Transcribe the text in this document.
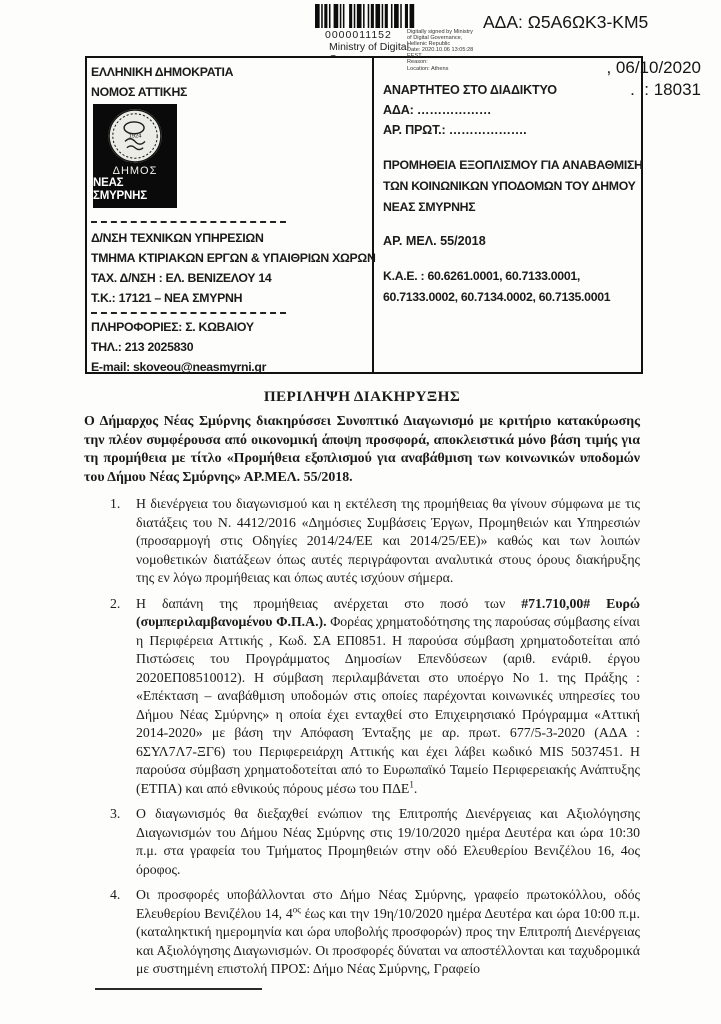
0000011152
Ministry of Digital
Digitally signed by Ministry
of Digital Governance,
Hellenic Republic
Date: 2020.10.06 13:05:28
EEST
Reason:
Location: Athens
ΑΔΑ: Ω5Α6ΩΚ3-ΚΜ5
, 06/10/2020
. .: 18031
ΕΛΛΗΝΙΚΗ ΔΗΜΟΚΡΑΤΙΑ
ΝΟΜΟΣ ΑΤΤΙΚΗΣ
1924
ΔΗΜΟΣ
ΝΕΑΣ ΣΜΥΡΝΗΣ
Δ/ΝΣΗ ΤΕΧΝΙΚΩΝ ΥΠΗΡΕΣΙΩΝ
ΤΜΗΜΑ ΚΤΙΡΙΑΚΩΝ ΕΡΓΩΝ & ΥΠΑΙΘΡΙΩΝ ΧΩΡΩΝ
ΤΑΧ. Δ/ΝΣΗ : ΕΛ. ΒΕΝΙΖΕΛΟΥ 14
Τ.Κ.: 17121 – ΝΕΑ ΣΜΥΡΝΗ
ΠΛΗΡΟΦΟΡΙΕΣ: Σ. ΚΩΒΑΙΟΥ
ΤΗΛ.: 213 2025830
E-mail: skoveou@neasmyrni.gr
ΑΝΑΡΤΗΤΕΟ ΣΤΟ ΔΙΑΔΙΚΤΥΟ
ΑΔΑ: ………………
ΑΡ. ΠΡΩΤ.: ……………….
ΠΡΟΜΗΘΕΙΑ ΕΞΟΠΛΙΣΜΟΥ ΓΙΑ ΑΝΑΒΑΘΜΙΣΗ
ΤΩΝ ΚΟΙΝΩΝΙΚΩΝ ΥΠΟΔΟΜΩΝ ΤΟΥ ΔΗΜΟΥ
ΝΕΑΣ ΣΜΥΡΝΗΣ
ΑΡ. ΜΕΛ. 55/2018
Κ.Α.Ε. : 60.6261.0001, 60.7133.0001,
60.7133.0002, 60.7134.0002, 60.7135.0001
ΠΕΡΙΛΗΨΗ ΔΙΑΚΗΡΥΞΗΣ

Ο Δήμαρχος Νέας Σμύρνης διακηρύσσει Συνοπτικό Διαγωνισμό με κριτήριο κατακύρωσης την πλέον συμφέρουσα από οικονομική άποψη προσφορά, αποκλειστικά μόνο βάση τιμής για τη προμήθεια με τίτλο «Προμήθεια εξοπλισμού για αναβάθμιση των κοινωνικών υποδομών του Δήμου Νέας Σμύρνης» ΑΡ.ΜΕΛ. 55/2018.

1.	Η διενέργεια του διαγωνισμού και η εκτέλεση της προμήθειας θα γίνουν σύμφωνα με τις διατάξεις του Ν. 4412/2016 «Δημόσιες Συμβάσεις Έργων, Προμηθειών και Υπηρεσιών (προσαρμογή στις Οδηγίες 2014/24/ΕΕ και 2014/25/ΕΕ)» καθώς και των λοιπών νομοθετικών διατάξεων όπως αυτές περιγράφονται αναλυτικά στους όρους διακήρυξης της εν λόγω προμήθειας και όπως αυτές ισχύουν σήμερα.
2.	Η δαπάνη της προμήθειας ανέρχεται στο ποσό των #71.710,00# Ευρώ (συμπεριλαμβανομένου Φ.Π.Α.). Φορέας χρηματοδότησης της παρούσας σύμβασης είναι η Περιφέρεια Αττικής , Κωδ. ΣΑ ΕΠ0851. Η παρούσα σύμβαση χρηματοδοτείται από Πιστώσεις του Προγράμματος Δημοσίων Επενδύσεων (αριθ. ενάριθ. έργου 2020ΕΠ08510012). Η σύμβαση περιλαμβάνεται στο υποέργο Νο 1. της Πράξης : «Επέκταση – αναβάθμιση υποδομών στις οποίες παρέχονται κοινωνικές υπηρεσίες του Δήμου Νέας Σμύρνης» η οποία έχει ενταχθεί στο Επιχειρησιακό Πρόγραμμα «Αττική 2014-2020» με βάση την Απόφαση Ένταξης με αρ. πρωτ. 677/5-3-2020 (ΑΔΑ : 6ΣΥΛ7Λ7-ΞΓ6) του Περιφερειάρχη Αττικής και έχει λάβει κωδικό MIS 5037451. Η παρούσα σύμβαση χρηματοδοτείται από το Ευρωπαϊκό Ταμείο Περιφερειακής Ανάπτυξης (ΕΤΠΑ) και από εθνικούς πόρους μέσω του ΠΔΕ$^1$.
3.	Ο διαγωνισμός θα διεξαχθεί ενώπιον της Επιτροπής Διενέργειας και Αξιολόγησης Διαγωνισμών του Δήμου Νέας Σμύρνης στις 19/10/2020 ημέρα Δευτέρα και ώρα 10:30 π.μ. στα γραφεία του Τμήματος Προμηθειών στην οδό Ελευθερίου Βενιζέλου 16, 4ος όροφος.
4.	Οι προσφορές υποβάλλονται στο Δήμο Νέας Σμύρνης, γραφείο πρωτοκόλλου, οδός Ελευθερίου Βενιζέλου 14, $4^{o\varsigma}$ έως και την 19η/10/2020 ημέρα Δευτέρα και ώρα 10:00 π.μ. (καταληκτική ημερομηνία και ώρα υποβολής προσφορών) προς την Επιτροπή Διενέργειας και Αξιολόγησης Διαγωνισμών. Οι προσφορές δύναται να αποστέλλονται και ταχυδρομικά με συστημένη επιστολή ΠΡΟΣ: Δήμο Νέας Σμύρνης, Γραφείο
